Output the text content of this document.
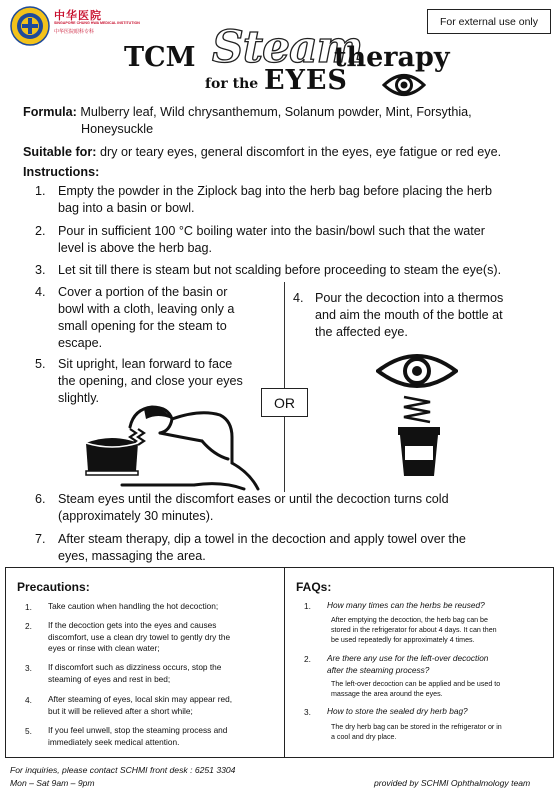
中华医院
SINGAPORE CHUNG HWA MEDICAL INSTITUTION
中华医院眼科专科
For external use only
TCM Steam
therapy
for the EYES
Formula: Mulberry leaf, Wild chrysanthemum, Solanum powder, Mint, Forsythia,
Honeysuckle
Suitable for: dry or teary eyes, general discomfort in the eyes, eye fatigue or red eye.
Instructions:
1. Empty the powder in the Ziplock bag into the herb bag before placing the herb
bag into a basin or bowl.
2. Pour in sufficient 100 °C boiling water into the basin/bowl such that the water
level is above the herb bag.
3. Let sit till there is steam but not scalding before proceeding to steam the eye(s).
4. Cover a portion of the basin or
bowl with a cloth, leaving only a
small opening for the steam to
escape.
5. Sit upright, lean forward to face
the opening, and close your eyes
slightly.	OR
4. Pour the decoction into a thermos
and aim the mouth of the bottle at
the affected eye.
6. Steam eyes until the discomfort eases or until the decoction turns cold
(approximately 30 minutes).
7. After steam therapy, dip a towel in the decoction and apply towel over the
eyes, massaging the area.
Precautions:
1. Take caution when handling the hot decoction;
2. If the decoction gets into the eyes and causes
discomfort, use a clean dry towel to gently dry the
eyes or rinse with clean water;
3. If discomfort such as dizziness occurs, stop the
steaming of eyes and rest in bed;
4. After steaming of eyes, local skin may appear red,
but it will be relieved after a short while;
5. If you feel unwell, stop the steaming process and
immediately seek medical attention.
FAQs:
1. How many times can the herbs be reused?
After emptying the decoction, the herb bag can be
stored in the refrigerator for about 4 days. It can then
be used repeatedly for approximately 4 times.
2. Are there any use for the left-over decoction
after the steaming process?
The left-over decoction can be applied and be used to
massage the area around the eyes.
3. How to store the sealed dry herb bag?
The dry herb bag can be stored in the refrigerator or in
a cool and dry place.
For inquiries, please contact SCHMI front desk : 6251 3304
Mon – Sat 9am – 9pm	provided by SCHMI Ophthalmology team
